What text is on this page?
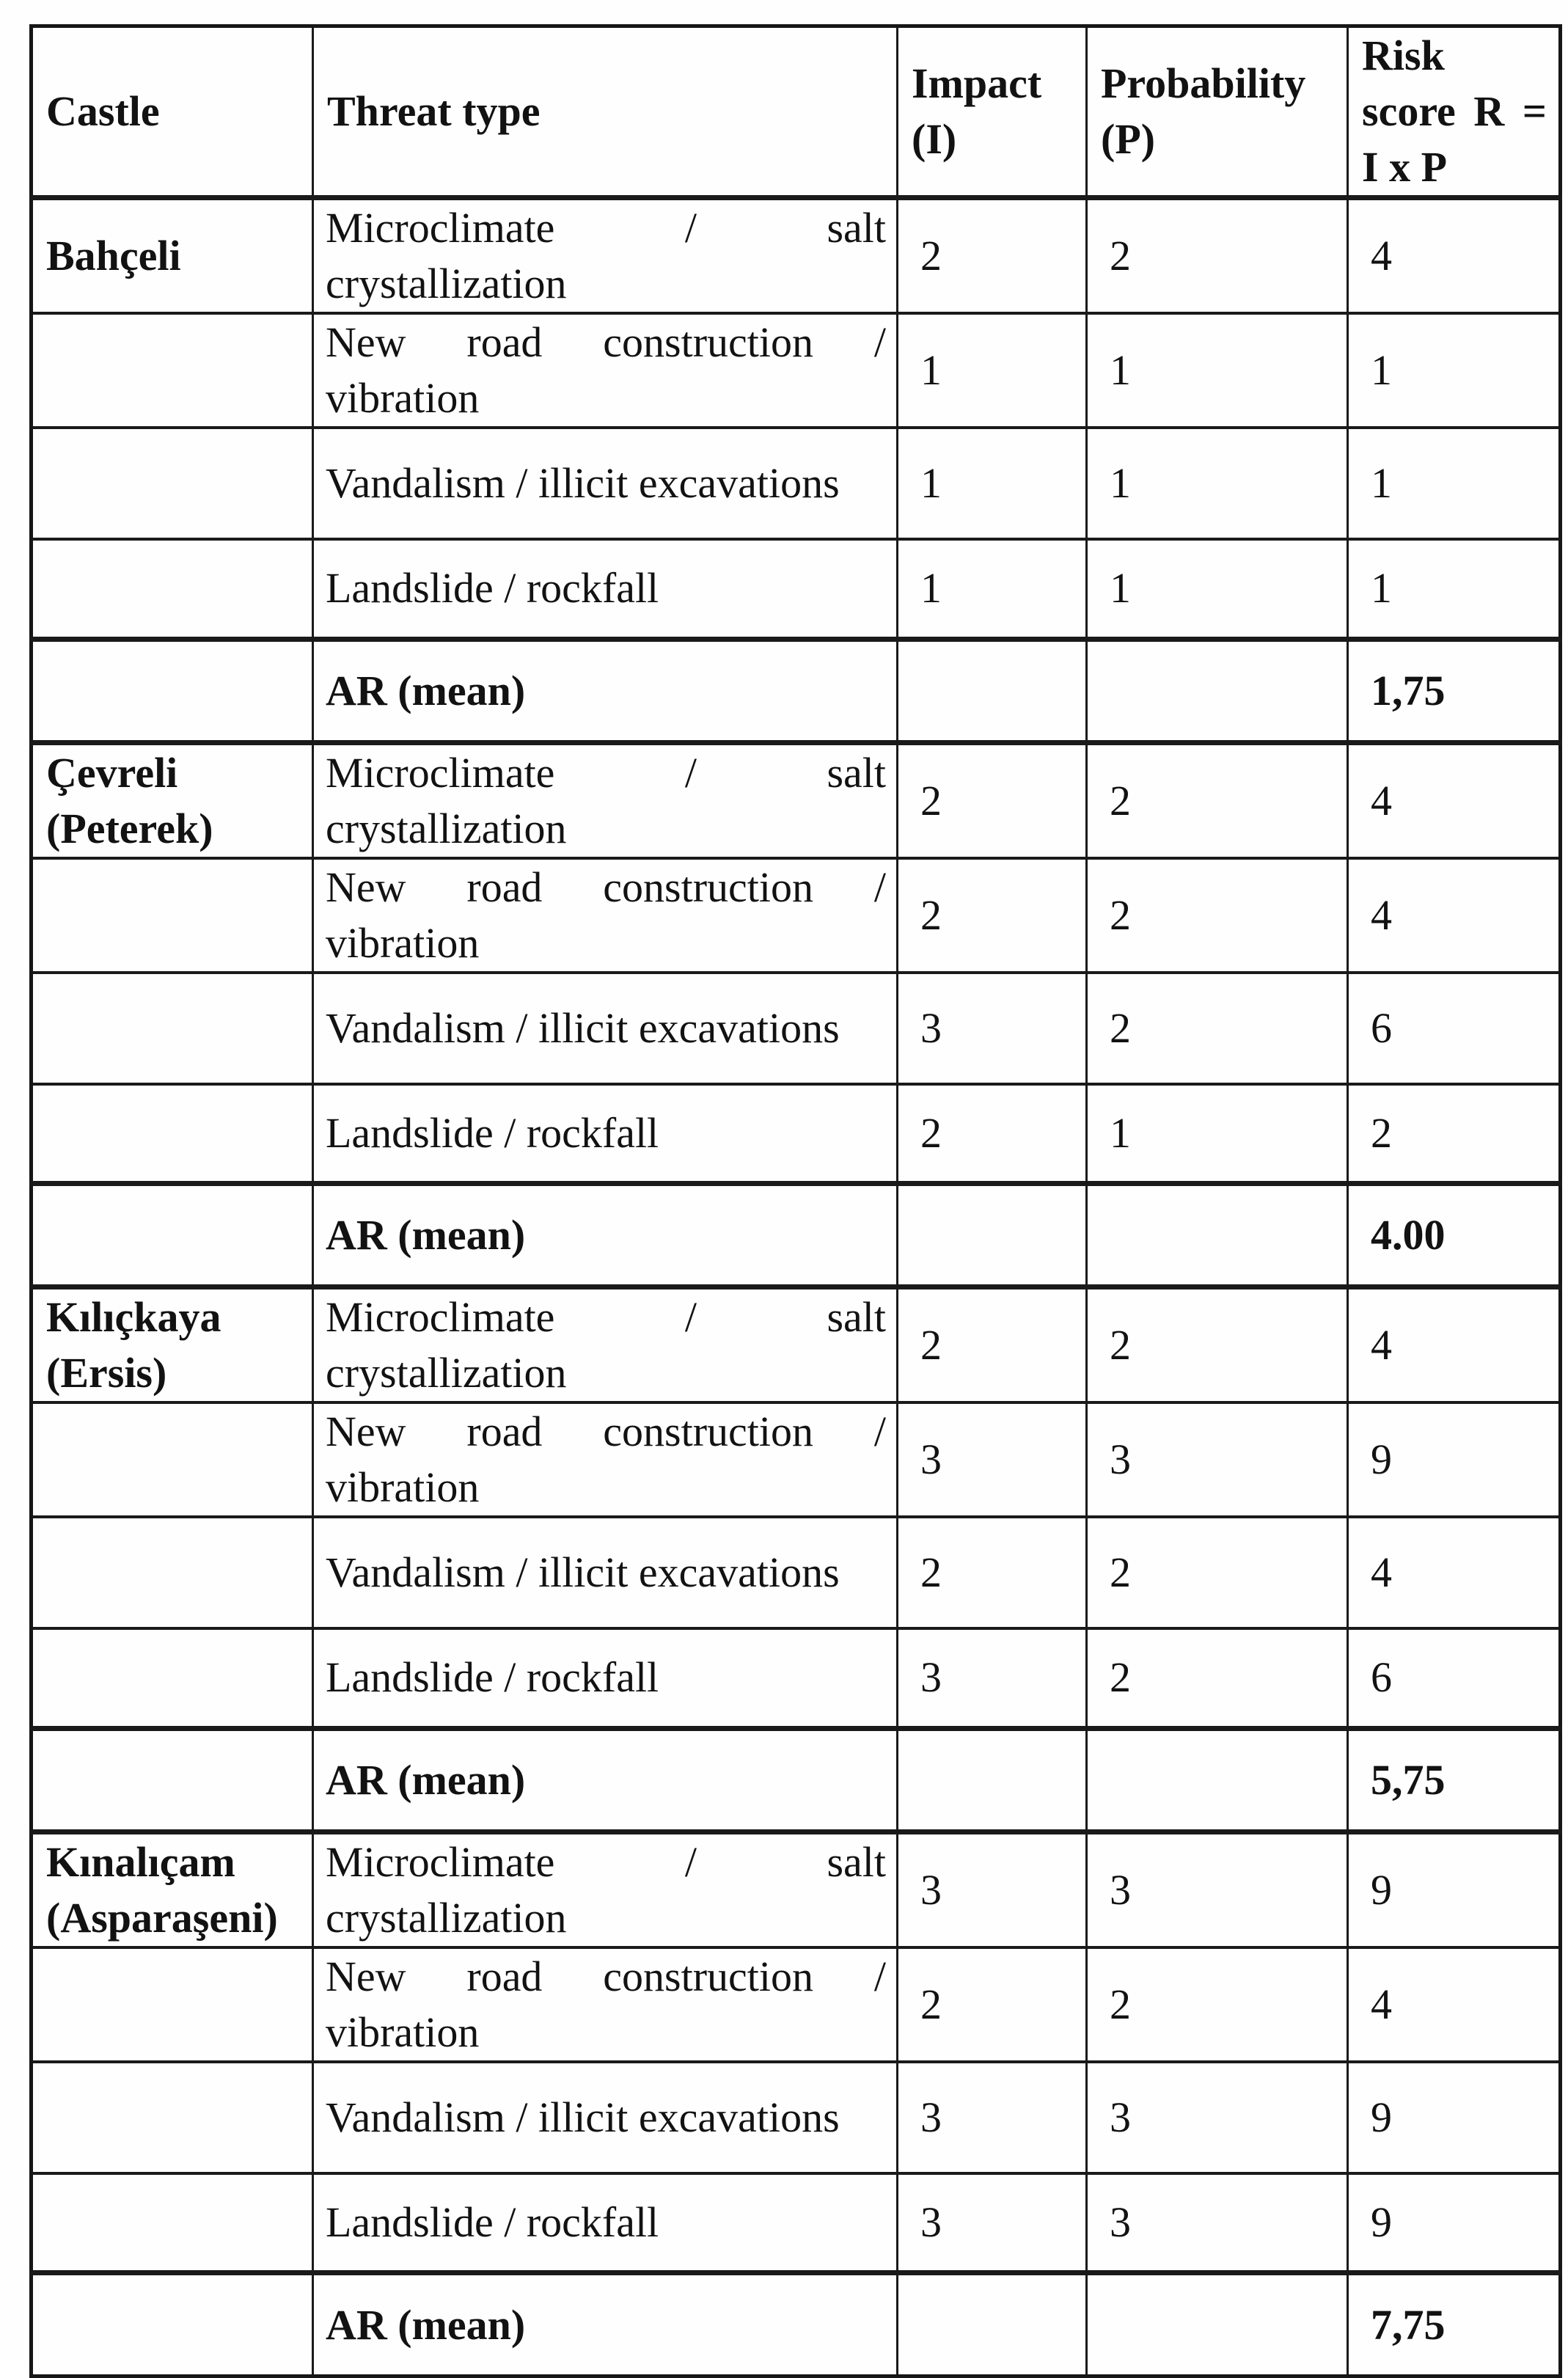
Castle	Threat type	Impact (I)	Probability (P)	Risk score R = I x P
Bahçeli	Microclimate / salt crystallization	2	2	4
	New road construction / vibration	1	1	1
	Vandalism / illicit excavations	1	1	1
	Landslide / rockfall	1	1	1
	AR (mean)			1,75
Çevreli (Peterek)	Microclimate / salt crystallization	2	2	4
	New road construction / vibration	2	2	4
	Vandalism / illicit excavations	3	2	6
	Landslide / rockfall	2	1	2
	AR (mean)			4.00
Kılıçkaya (Ersis)	Microclimate / salt crystallization	2	2	4
	New road construction / vibration	3	3	9
	Vandalism / illicit excavations	2	2	4
	Landslide / rockfall	3	2	6
	AR (mean)			5,75
Kınalıçam (Asparaşeni)	Microclimate / salt crystallization	3	3	9
	New road construction / vibration	2	2	4
	Vandalism / illicit excavations	3	3	9
	Landslide / rockfall	3	3	9
	AR (mean)			7,75
